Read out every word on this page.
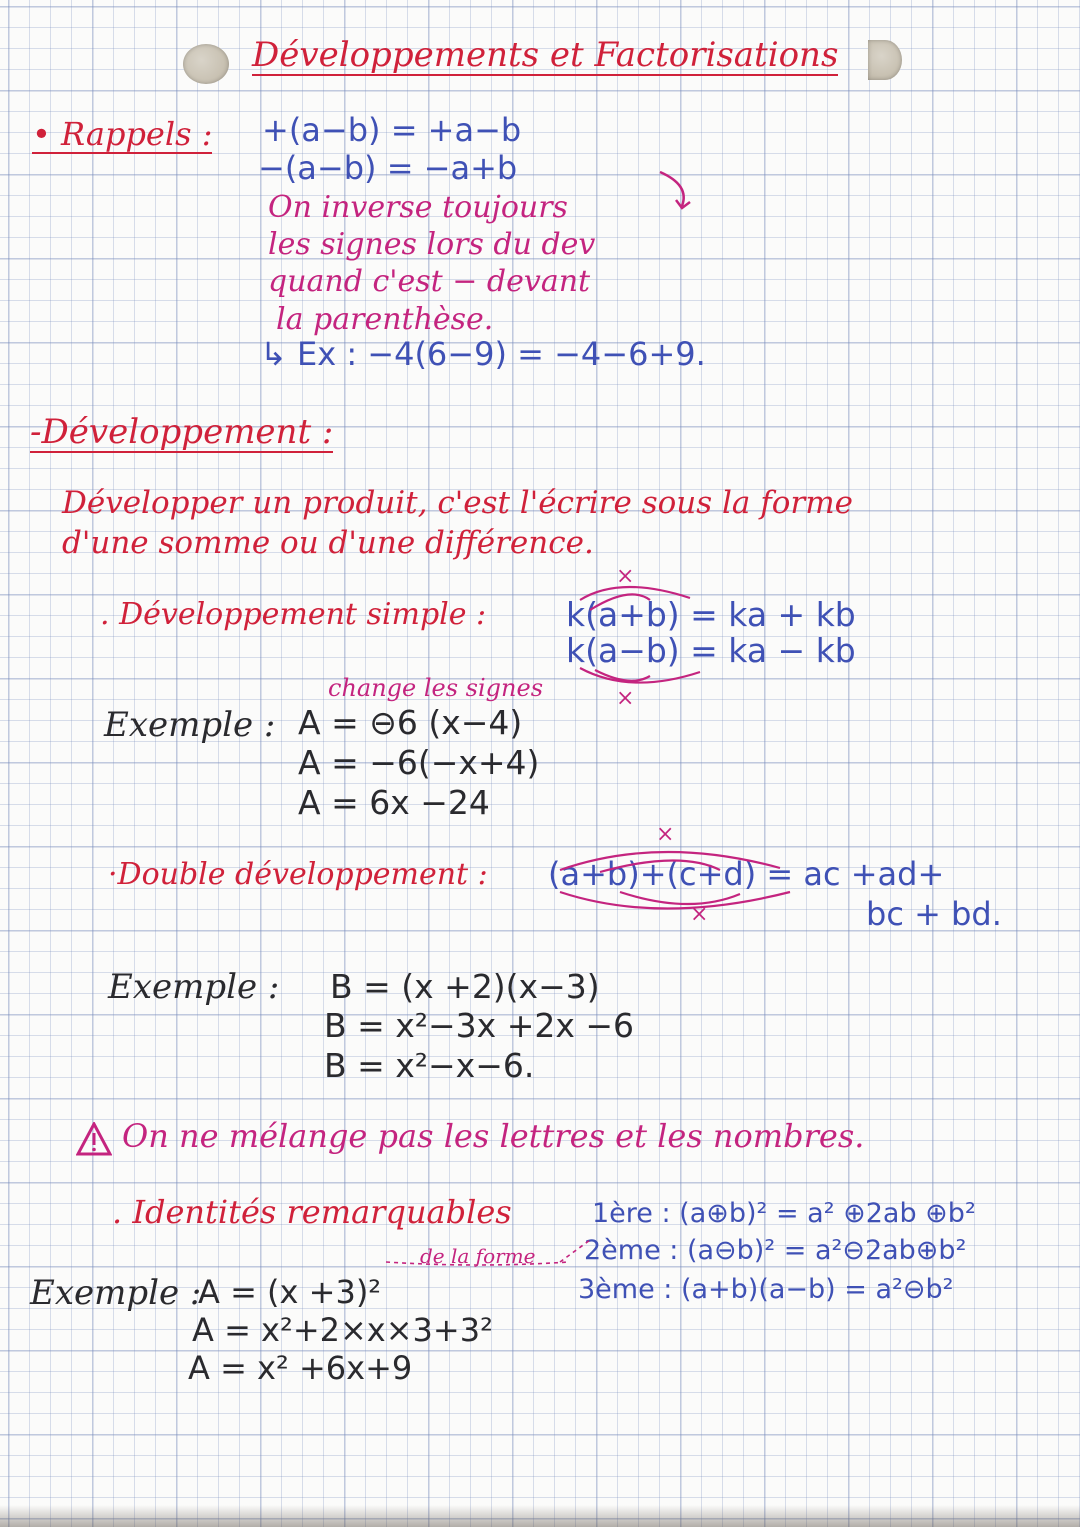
Développements et Factorisations
• Rappels : +(a−b) = +a−b
−(a−b) = −a+b
On inverse toujours
les signes lors du dev
quand c'est − devant
la parenthèse.
↳ Ex : −4(6−9) = −4−6+9.
-Développement :
Développer un produit, c'est l'écrire sous la forme
d'une somme ou d'une différence.
. Développement simple : k(a+b) = ka + kb
k(a−b) = ka − kb
×
×
change les signes
Exemple : A = ⊖6 (x−4)
A = −6(−x+4)
A = 6x −24
×
·Double développement : (a+b)+(c+d) = ac +ad+
bc + bd.
×
Exemple : B = (x +2)(x−3)
B = x²−3x +2x −6
B = x²−x−6.
On ne mélange pas les lettres et les nombres.
. Identités remarquables
de la forme
1ère : (a⊕b)² = a² ⊕2ab ⊕b²
2ème : (a⊖b)² = a²⊖2ab⊕b²
3ème : (a+b)(a−b) = a²⊖b²
Exemple :
A = (x +3)²
A = x²+2×x×3+3²
A = x² +6x+9
